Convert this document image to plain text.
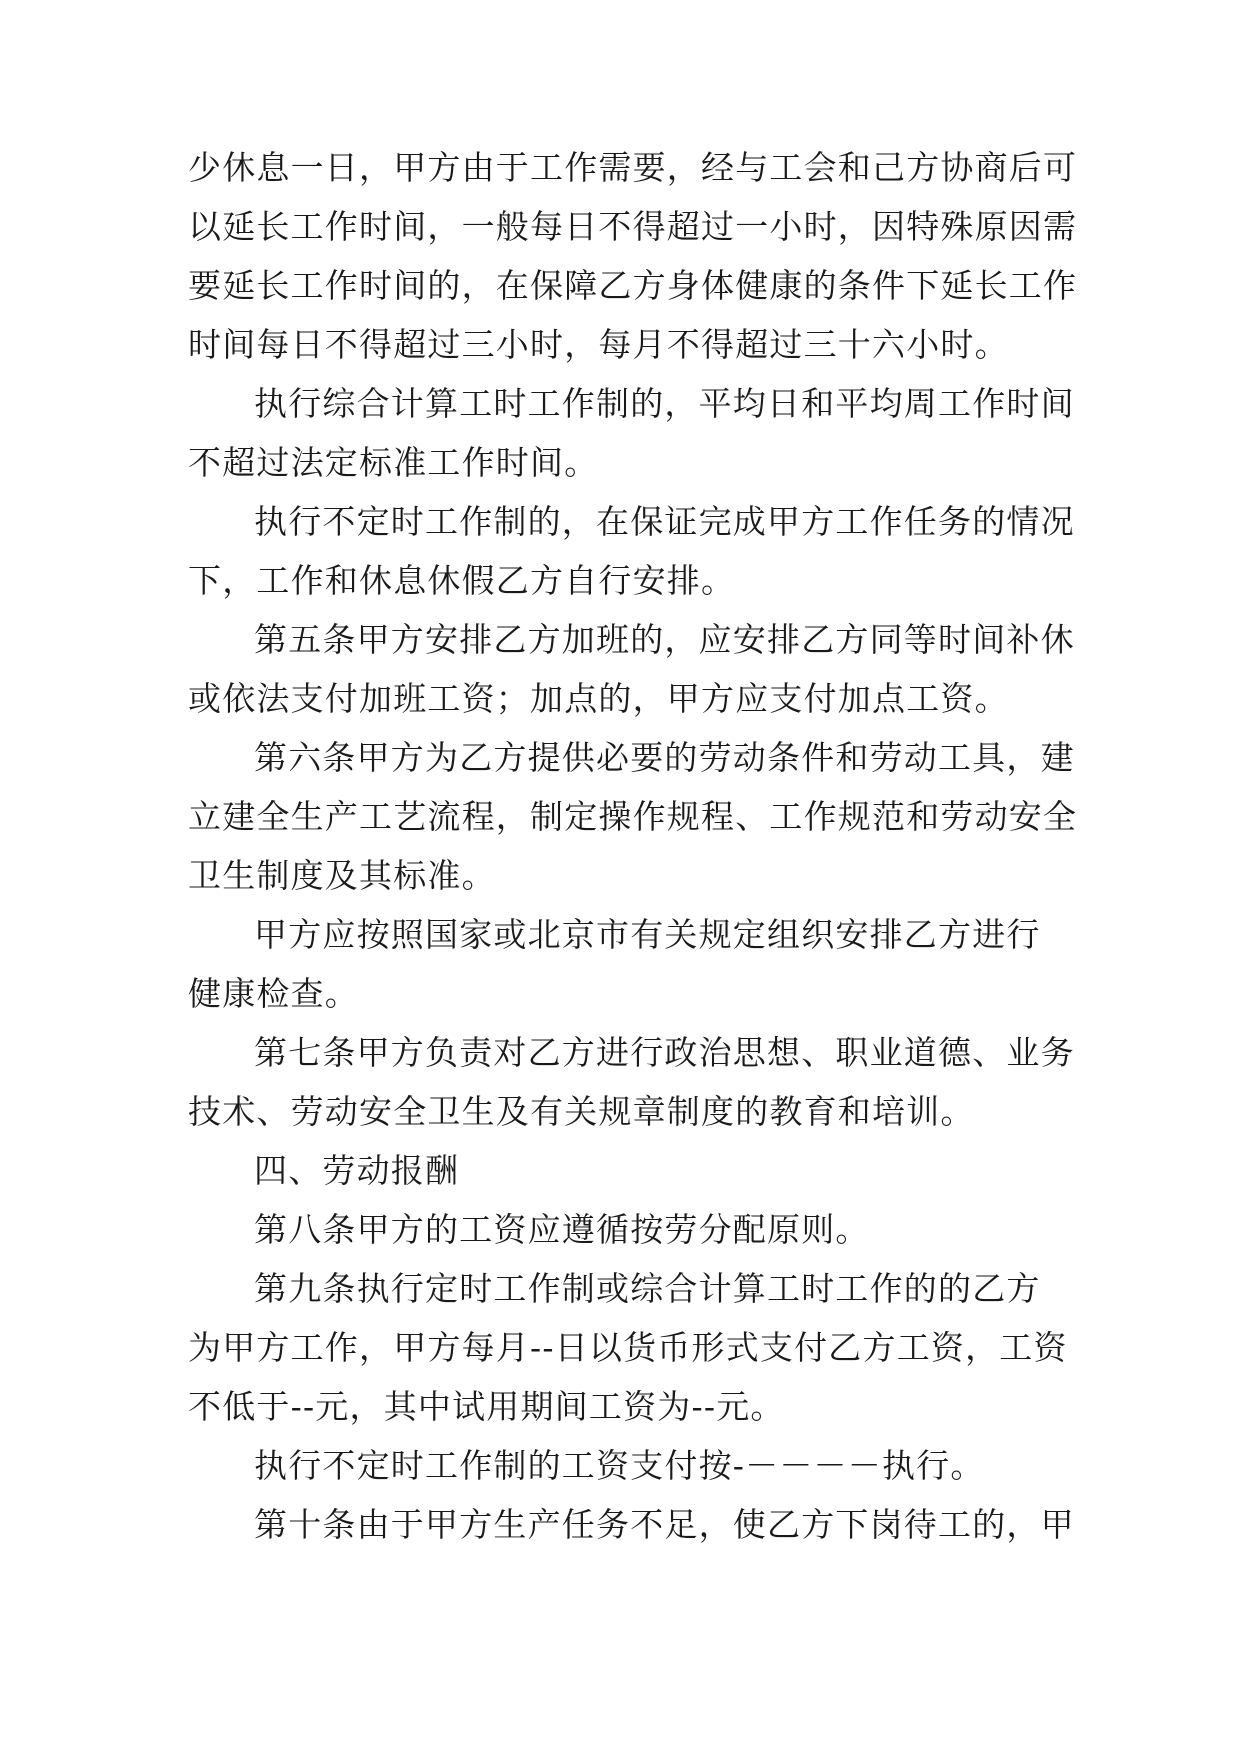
少休息一日，甲方由于工作需要，经与工会和己方协商后可
以延长工作时间，一般每日不得超过一小时，因特殊原因需
要延长工作时间的，在保障乙方身体健康的条件下延长工作
时间每日不得超过三小时，每月不得超过三十六小时。
执行综合计算工时工作制的，平均日和平均周工作时间
不超过法定标准工作时间。
执行不定时工作制的，在保证完成甲方工作任务的情况
下，工作和休息休假乙方自行安排。
第五条甲方安排乙方加班的，应安排乙方同等时间补休
或依法支付加班工资；加点的，甲方应支付加点工资。
第六条甲方为乙方提供必要的劳动条件和劳动工具，建
立建全生产工艺流程，制定操作规程、工作规范和劳动安全
卫生制度及其标准。
甲方应按照国家或北京市有关规定组织安排乙方进行
健康检查。
第七条甲方负责对乙方进行政治思想、职业道德、业务
技术、劳动安全卫生及有关规章制度的教育和培训。
四、劳动报酬
第八条甲方的工资应遵循按劳分配原则。
第九条执行定时工作制或综合计算工时工作的的乙方
为甲方工作，甲方每月--日以货币形式支付乙方工资，工资
不低于--元，其中试用期间工资为--元。
执行不定时工作制的工资支付按-－－－－执行。
第十条由于甲方生产任务不足，使乙方下岗待工的，甲
